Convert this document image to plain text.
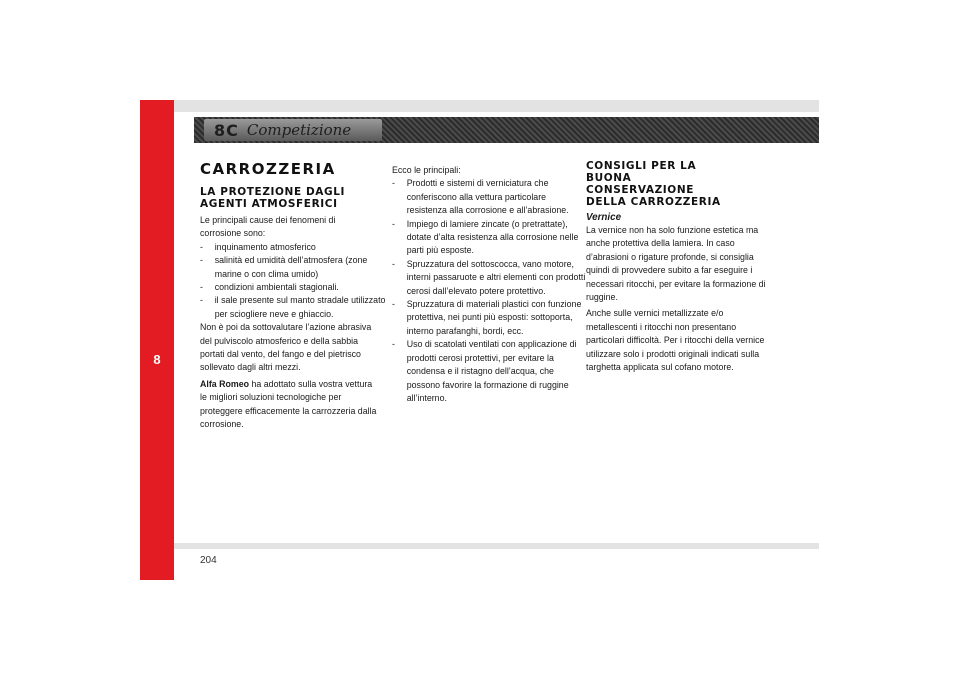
8
8C Competizione
CARROZZERIA
LA PROTEZIONE DAGLI AGENTI ATMOSFERICI

Le principali cause dei fenomeni di corrosione sono:

- inquinamento atmosferico
- salinità ed umidità dell’atmosfera (zone marine o con clima umido)
- condizioni ambientali stagionali.
- il sale presente sul manto stradale utilizzato per sciogliere neve e ghiaccio.

Non è poi da sottovalutare l’azione abrasiva del pulviscolo atmosferico e della sabbia portati dal vento, del fango e del pietrisco sollevato dagli altri mezzi.

Alfa Romeo ha adottato sulla vostra vettura le migliori soluzioni tecnologiche per proteggere efficacemente la carrozzeria dalla corrosione.

Ecco le principali:

- Prodotti e sistemi di verniciatura che conferiscono alla vettura particolare resistenza alla corrosione e all’abrasione.
- Impiego di lamiere zincate (o pretrattate), dotate d’alta resistenza alla corrosione nelle parti più esposte.
- Spruzzatura del sottoscocca, vano motore, interni passaruote e altri elementi con prodotti cerosi dall’elevato potere protettivo.
- Spruzzatura di materiali plastici con funzione protettiva, nei punti più esposti: sottoporta, interno parafanghi, bordi, ecc.
- Uso di scatolati ventilati con applicazione di prodotti cerosi protettivi, per evitare la condensa e il ristagno dell’acqua, che possono favorire la formazione di ruggine all’interno.
CONSIGLI PER LA BUONA CONSERVAZIONE DELLA CARROZZERIA
Vernice

La vernice non ha solo funzione estetica ma anche protettiva della lamiera. In caso d’abrasioni o rigature profonde, si consiglia quindi di provvedere subito a far eseguire i necessari ritocchi, per evitare la formazione di ruggine.

Anche sulle vernici metallizzate e/o metallescenti i ritocchi non presentano particolari difficoltà. Per i ritocchi della vernice utilizzare solo i prodotti originali indicati sulla targhetta applicata sul cofano motore.

204
